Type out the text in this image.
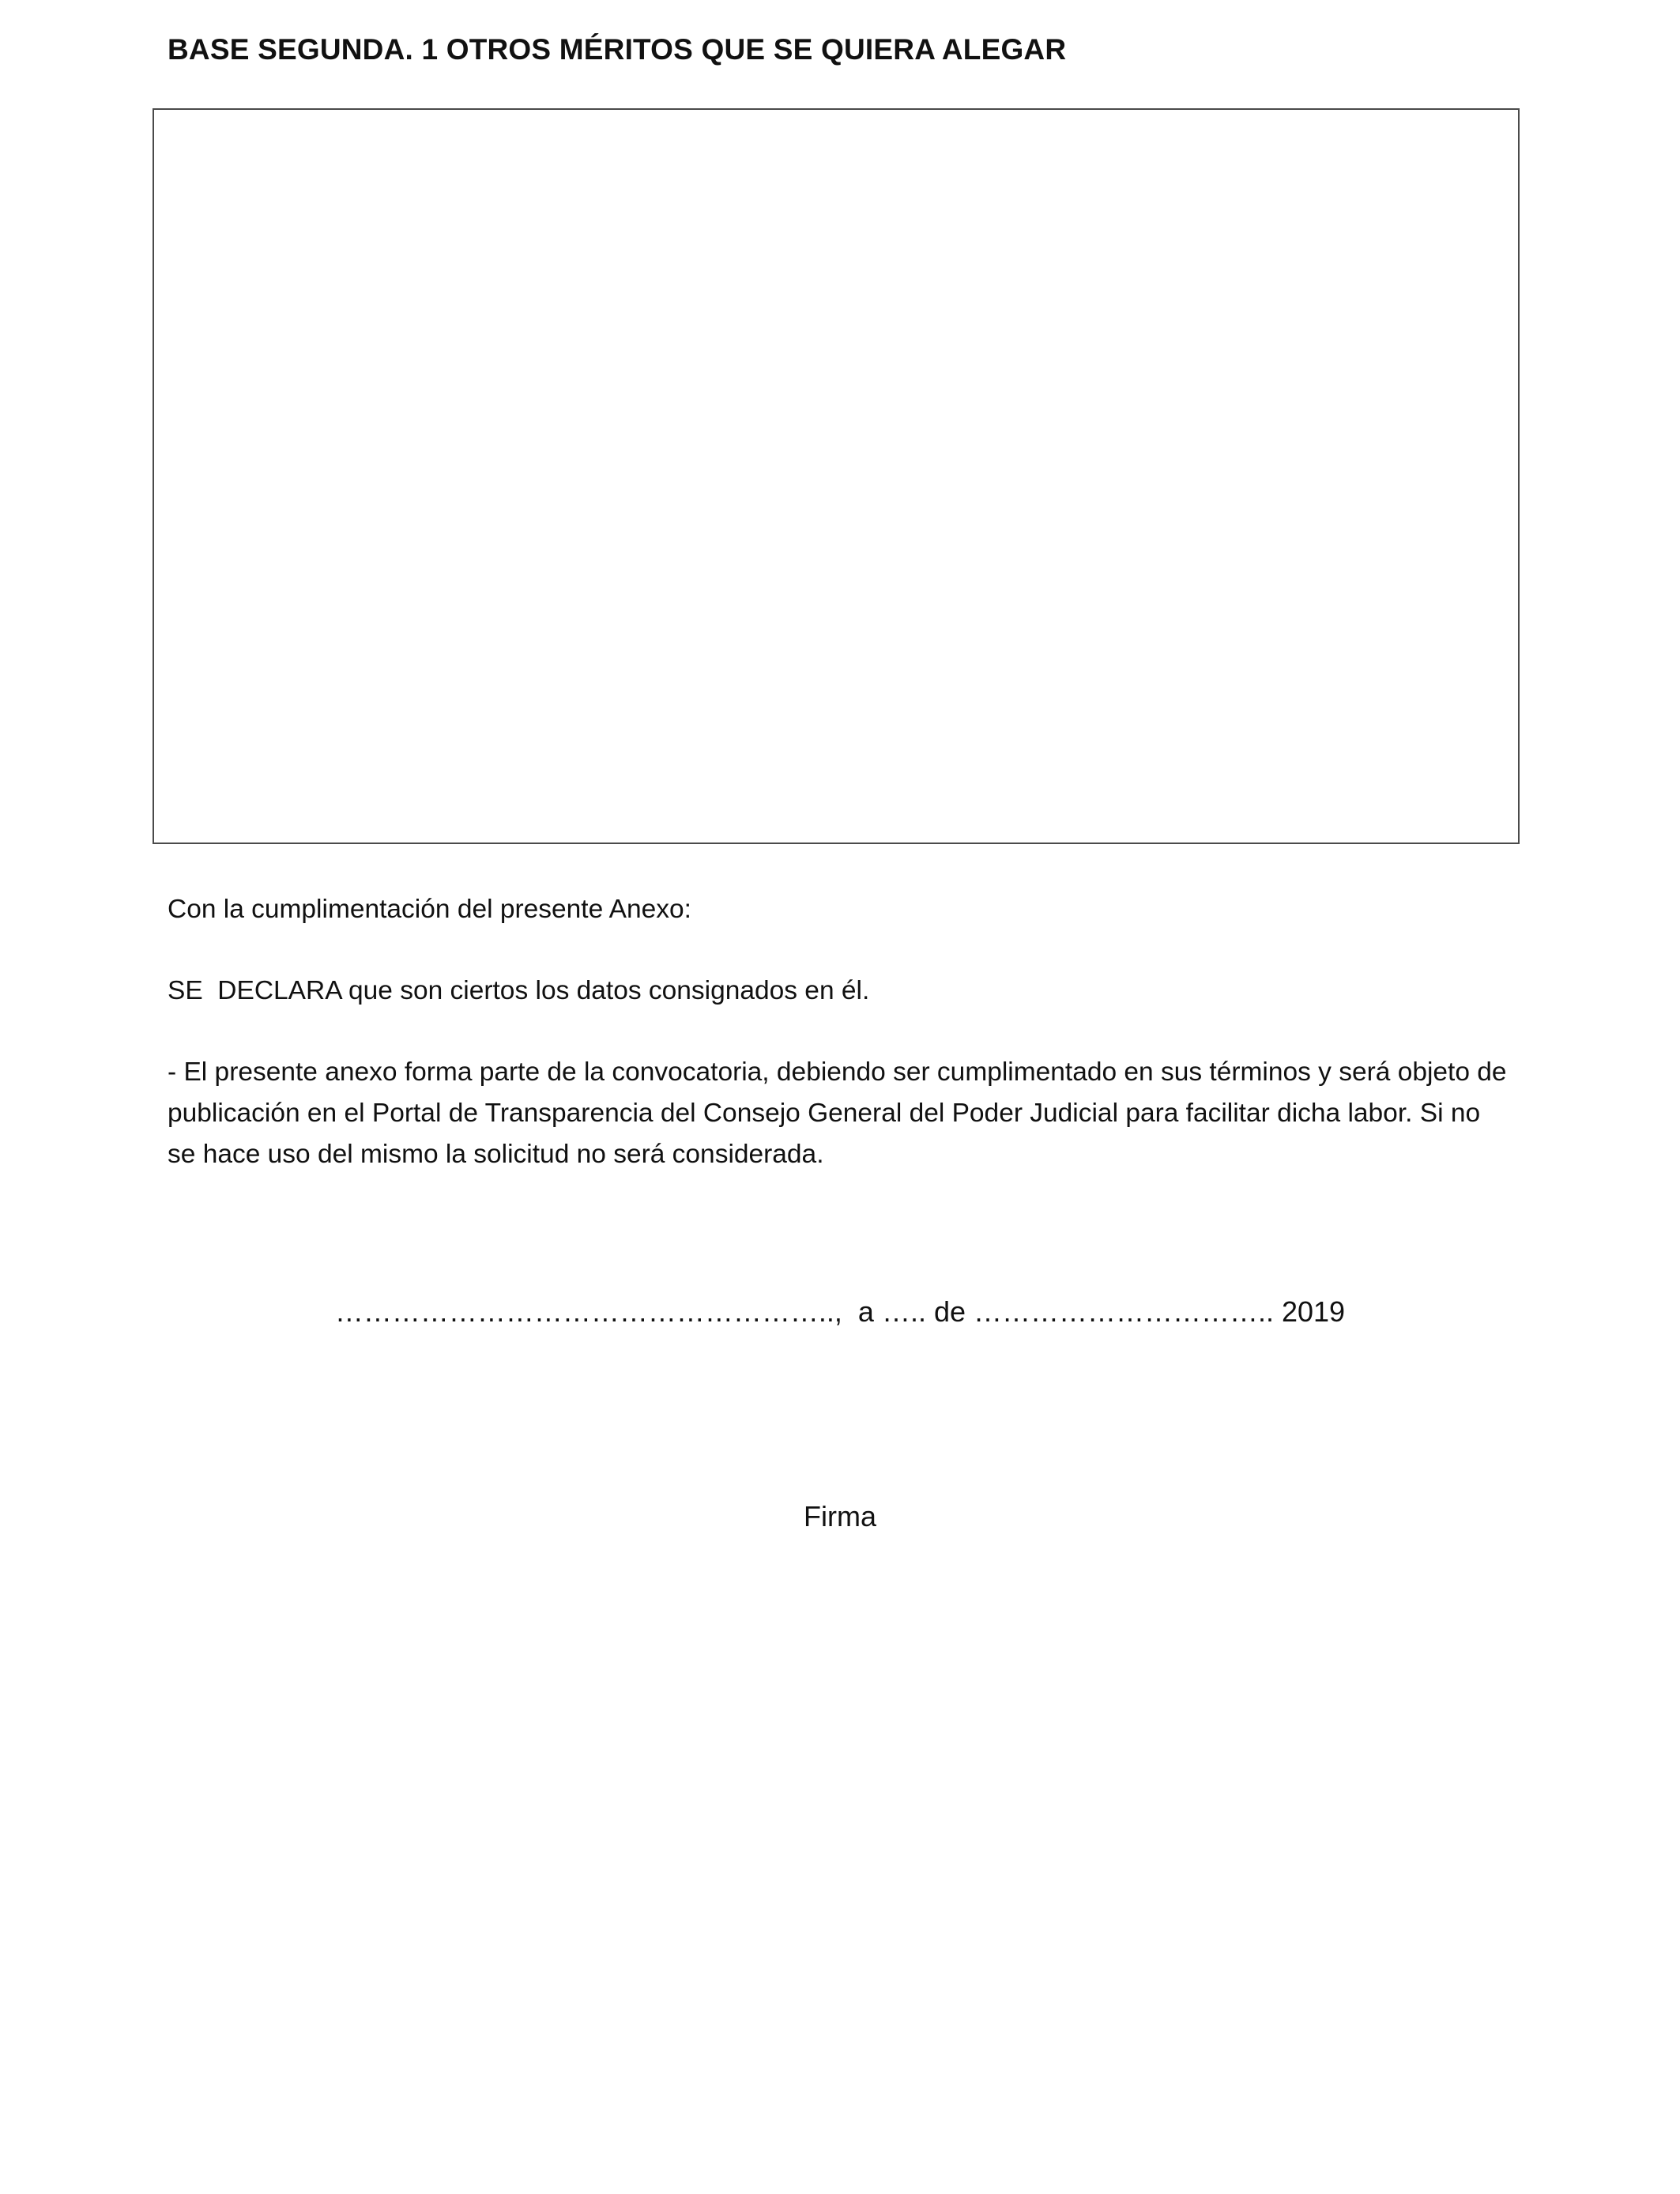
BASE SEGUNDA. 1 OTROS MÉRITOS QUE SE QUIERA ALEGAR

Con la cumplimentación del presente Anexo:

SE  DECLARA que son ciertos los datos consignados en él.

- El presente anexo forma parte de la convocatoria, debiendo ser cumplimentado en sus términos y será objeto de publicación en el Portal de Transparencia del Consejo General del Poder Judicial para facilitar dicha labor. Si no se hace uso del mismo la solicitud no será considerada.

……………………………………………..,  a ….. de ………………………….. 2019
Firma
